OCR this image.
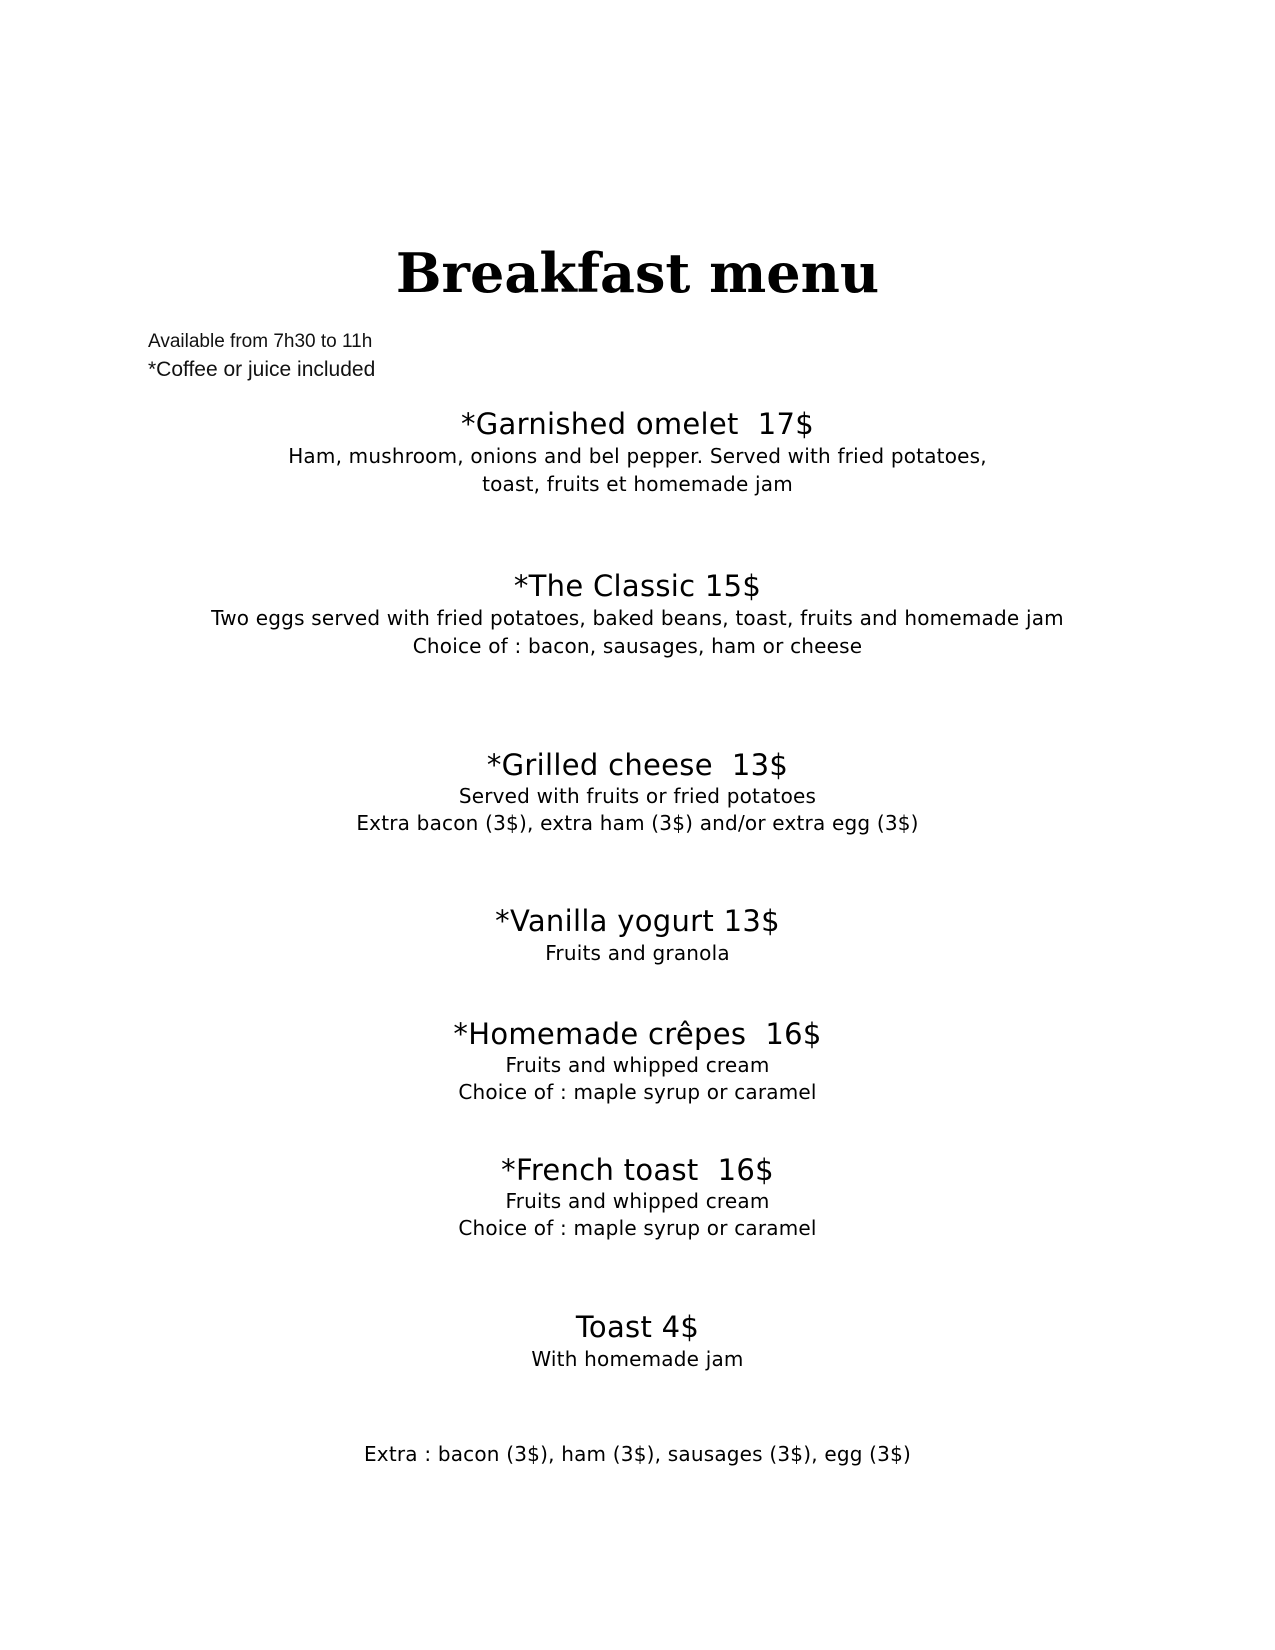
Breakfast menu
Available from 7h30 to 11h
*Coffee or juice included
*Garnished omelet  17$
Ham, mushroom, onions and bel pepper. Served with fried potatoes,
toast, fruits et homemade jam
*The Classic 15$
Two eggs served with fried potatoes, baked beans, toast, fruits and homemade jam
Choice of : bacon, sausages, ham or cheese
*Grilled cheese  13$
Served with fruits or fried potatoes
Extra bacon (3$), extra ham (3$) and/or extra egg (3$)
*Vanilla yogurt 13$
Fruits and granola
*Homemade crêpes  16$
Fruits and whipped cream
Choice of : maple syrup or caramel
*French toast  16$
Fruits and whipped cream
Choice of : maple syrup or caramel
Toast 4$
With homemade jam
Extra : bacon (3$), ham (3$), sausages (3$), egg (3$)
